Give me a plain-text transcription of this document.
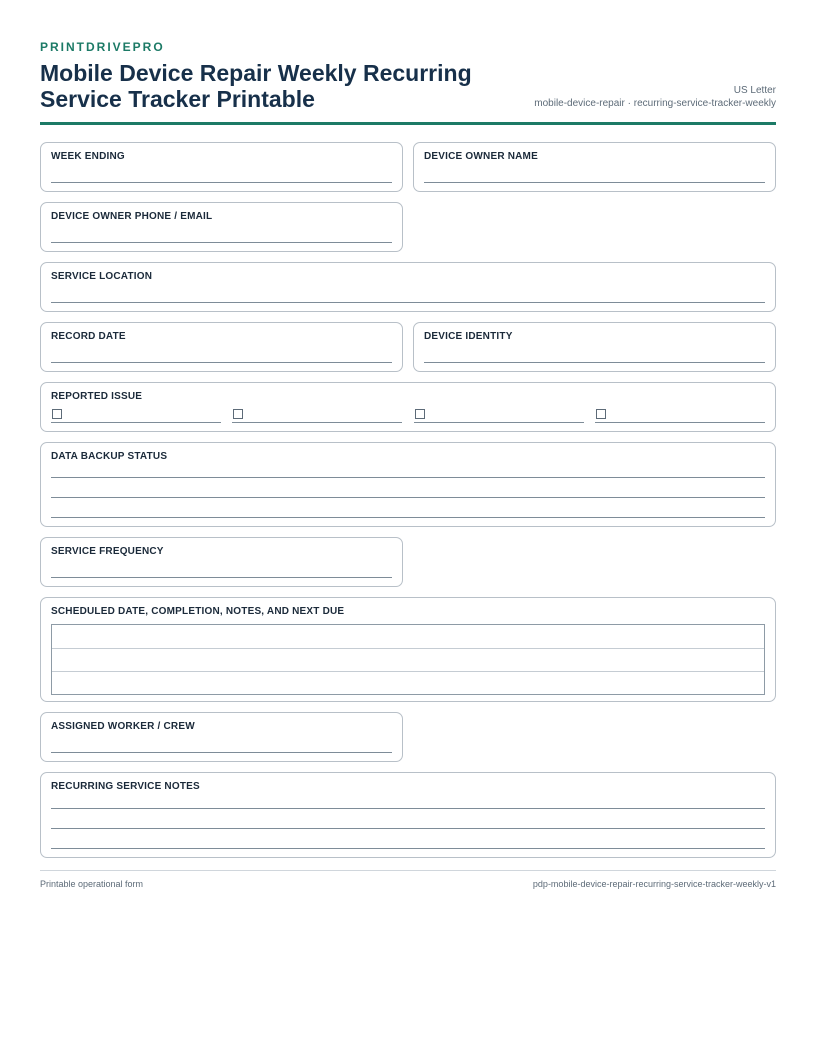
PRINTDRIVEPRO
Mobile Device Repair Weekly Recurring Service Tracker Printable	US Letter
mobile-device-repair · recurring-service-tracker-weekly
WEEK ENDING	DEVICE OWNER NAME
DEVICE OWNER PHONE / EMAIL
SERVICE LOCATION
RECORD DATE	DEVICE IDENTITY
REPORTED ISSUE
DATA BACKUP STATUS
SERVICE FREQUENCY
SCHEDULED DATE, COMPLETION, NOTES, AND NEXT DUE
ASSIGNED WORKER / CREW
RECURRING SERVICE NOTES
Printable operational form	pdp-mobile-device-repair-recurring-service-tracker-weekly-v1
